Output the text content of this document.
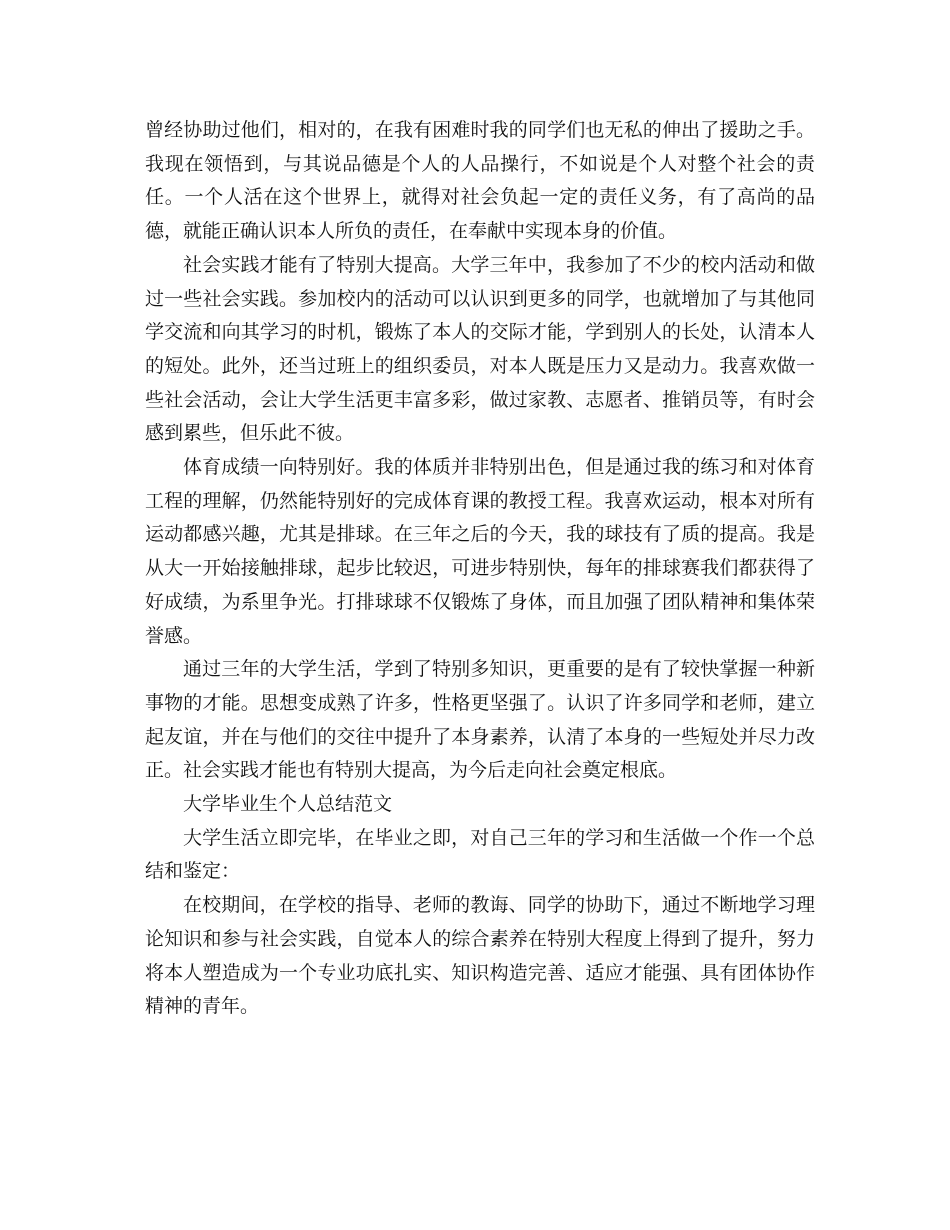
曾经协助过他们，相对的，在我有困难时我的同学们也无私的伸出了援助之手。我现在领悟到，与其说品德是个人的人品操行，不如说是个人对整个社会的责任。一个人活在这个世界上，就得对社会负起一定的责任义务，有了高尚的品德，就能正确认识本人所负的责任，在奉献中实现本身的价值。

社会实践才能有了特别大提高。大学三年中，我参加了不少的校内活动和做过一些社会实践。参加校内的活动可以认识到更多的同学，也就增加了与其他同学交流和向其学习的时机，锻炼了本人的交际才能，学到别人的长处，认清本人的短处。此外，还当过班上的组织委员，对本人既是压力又是动力。我喜欢做一些社会活动，会让大学生活更丰富多彩，做过家教、志愿者、推销员等，有时会感到累些，但乐此不彼。

体育成绩一向特别好。我的体质并非特别出色，但是通过我的练习和对体育工程的理解，仍然能特别好的完成体育课的教授工程。我喜欢运动，根本对所有运动都感兴趣，尤其是排球。在三年之后的今天，我的球技有了质的提高。我是从大一开始接触排球，起步比较迟，可进步特别快，每年的排球赛我们都获得了好成绩，为系里争光。打排球球不仅锻炼了身体，而且加强了团队精神和集体荣誉感。

通过三年的大学生活，学到了特别多知识，更重要的是有了较快掌握一种新事物的才能。思想变成熟了许多，性格更坚强了。认识了许多同学和老师，建立起友谊，并在与他们的交往中提升了本身素养，认清了本身的一些短处并尽力改正。社会实践才能也有特别大提高，为今后走向社会奠定根底。

大学毕业生个人总结范文

大学生活立即完毕，在毕业之即，对自己三年的学习和生活做一个作一个总结和鉴定：

在校期间，在学校的指导、老师的教诲、同学的协助下，通过不断地学习理论知识和参与社会实践，自觉本人的综合素养在特别大程度上得到了提升，努力将本人塑造成为一个专业功底扎实、知识构造完善、适应才能强、具有团体协作精神的青年。
